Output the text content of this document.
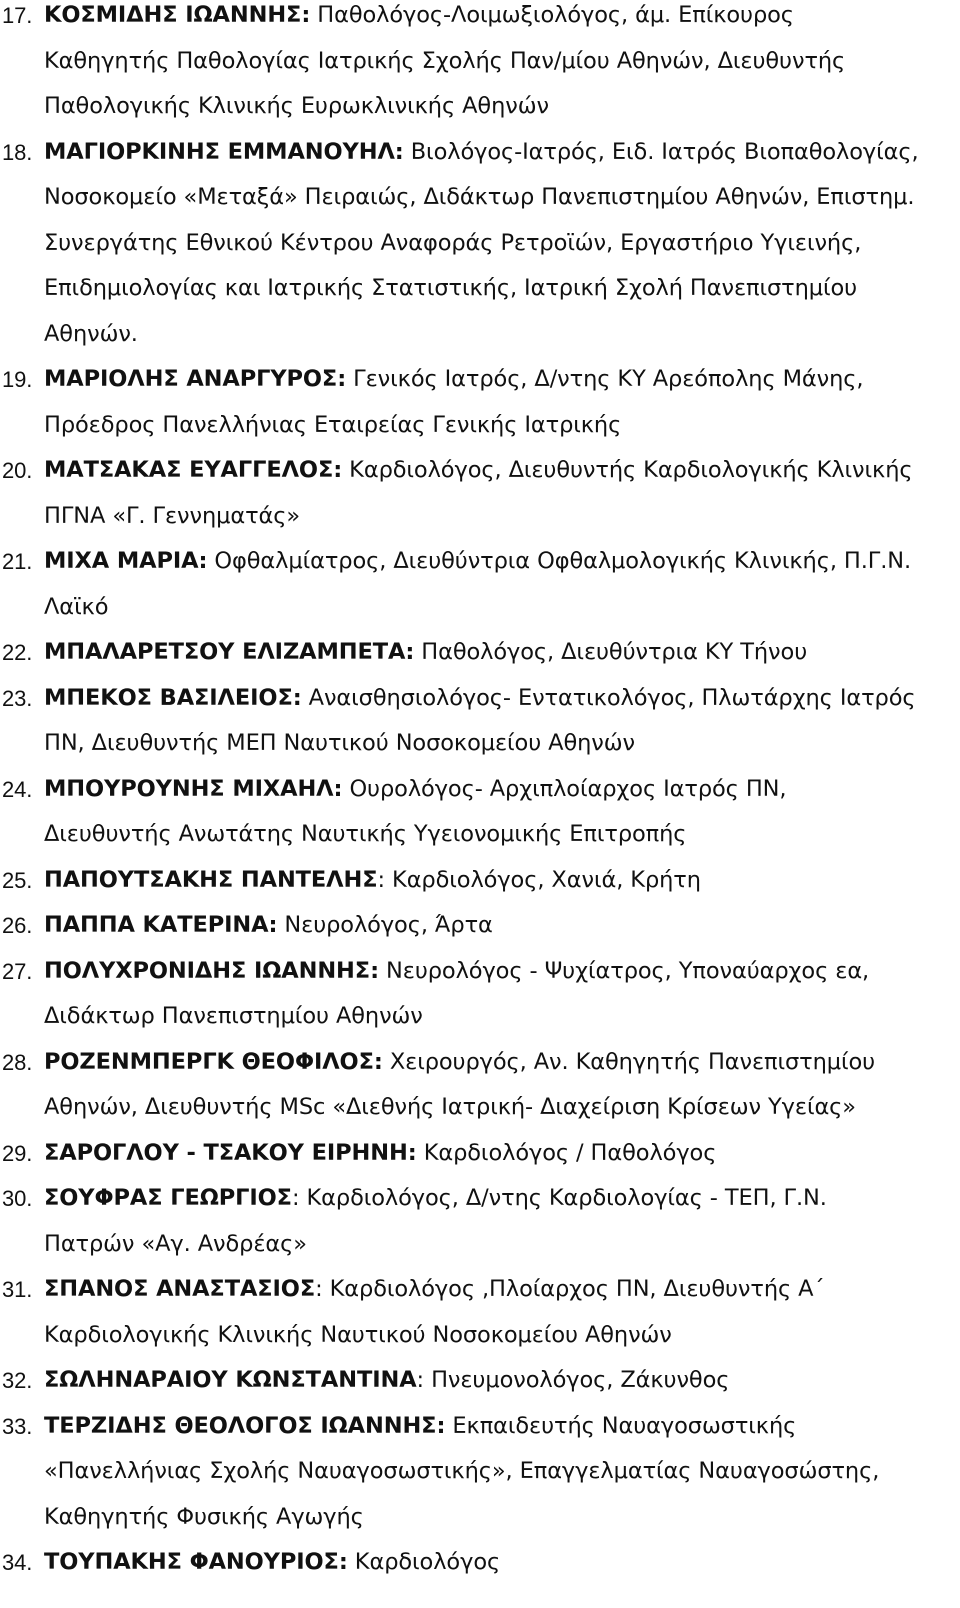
17. ΚΟΣΜΙΔΗΣ ΙΩΑΝΝΗΣ: Παθολόγος-Λοιμωξιολόγος, άμ. Επίκουρος Καθηγητής Παθολογίας Ιατρικής Σχολής Παν/μίου Αθηνών, Διευθυντής Παθολογικής Κλινικής Ευρωκλινικής Αθηνών
18. ΜΑΓΙΟΡΚΙΝΗΣ ΕΜΜΑΝΟΥΗΛ: Βιολόγος-Ιατρός, Ειδ. Ιατρός Βιοπαθολογίας, Νοσοκομείο «Μεταξά» Πειραιώς, Διδάκτωρ Πανεπιστημίου Αθηνών, Επιστημ. Συνεργάτης Εθνικού Κέντρου Αναφοράς Ρετροϊών, Εργαστήριο Υγιεινής, Επιδημιολογίας και Ιατρικής Στατιστικής, Ιατρική Σχολή Πανεπιστημίου Αθηνών.
19. ΜΑΡΙΟΛΗΣ ΑΝΑΡΓΥΡΟΣ: Γενικός Ιατρός, Δ/ντης ΚΥ Αρεόπολης Μάνης, Πρόεδρος Πανελλήνιας Εταιρείας Γενικής Ιατρικής
20. ΜΑΤΣΑΚΑΣ ΕΥΑΓΓΕΛΟΣ: Καρδιολόγος, Διευθυντής Καρδιολογικής Κλινικής ΠΓΝΑ «Γ. Γεννηματάς»
21. ΜΙΧΑ ΜΑΡΙΑ: Οφθαλμίατρος, Διευθύντρια Οφθαλμολογικής Κλινικής, Π.Γ.Ν. Λαϊκό
22. ΜΠΑΛΑΡΕΤΣΟΥ ΕΛΙΖΑΜΠΕΤΑ: Παθολόγος, Διευθύντρια ΚΥ Τήνου
23. ΜΠΕΚΟΣ ΒΑΣΙΛΕΙΟΣ: Αναισθησιολόγος- Εντατικολόγος, Πλωτάρχης Ιατρός ΠΝ, Διευθυντής ΜΕΠ Ναυτικού Νοσοκομείου Αθηνών
24. ΜΠΟΥΡΟΥΝΗΣ ΜΙΧΑΗΛ: Ουρολόγος- Αρχιπλοίαρχος Ιατρός ΠΝ, Διευθυντής Ανωτάτης Ναυτικής Υγειονομικής Επιτροπής
25. ΠΑΠΟΥΤΣΑΚΗΣ ΠΑΝΤΕΛΗΣ: Καρδιολόγος, Χανιά, Κρήτη
26. ΠΑΠΠΑ ΚΑΤΕΡΙΝΑ: Νευρολόγος, Άρτα
27. ΠΟΛΥΧΡΟΝΙΔΗΣ ΙΩΑΝΝΗΣ: Νευρολόγος - Ψυχίατρος, Υποναύαρχος εα, Διδάκτωρ Πανεπιστημίου Αθηνών
28. ΡΟΖΕΝΜΠΕΡΓΚ ΘΕΟΦΙΛΟΣ: Χειρουργός, Αν. Καθηγητής Πανεπιστημίου Αθηνών, Διευθυντής MSc «Διεθνής Ιατρική- Διαχείριση Κρίσεων Υγείας»
29. ΣΑΡΟΓΛΟΥ - ΤΣΑΚΟΥ ΕΙΡΗΝΗ: Καρδιολόγος / Παθολόγος
30. ΣΟΥΦΡΑΣ ΓΕΩΡΓΙΟΣ: Καρδιολόγος, Δ/ντης Καρδιολογίας - ΤΕΠ, Γ.Ν. Πατρών «Αγ. Ανδρέας»
31. ΣΠΑΝΟΣ ΑΝΑΣΤΑΣΙΟΣ: Καρδιολόγος ,Πλοίαρχος ΠΝ, Διευθυντής Α΄ Καρδιολογικής Κλινικής Ναυτικού Νοσοκομείου Αθηνών
32. ΣΩΛΗΝΑΡΑΙΟΥ ΚΩΝΣΤΑΝΤΙΝΑ: Πνευμονολόγος, Ζάκυνθος
33. ΤΕΡΖΙΔΗΣ ΘΕΟΛΟΓΟΣ ΙΩΑΝΝΗΣ: Εκπαιδευτής Ναυαγοσωστικής «Πανελλήνιας Σχολής Ναυαγοσωστικής», Επαγγελματίας Ναυαγοσώστης, Καθηγητής Φυσικής Αγωγής
34. ΤΟΥΠΑΚΗΣ ΦΑΝΟΥΡΙΟΣ: Καρδιολόγος
